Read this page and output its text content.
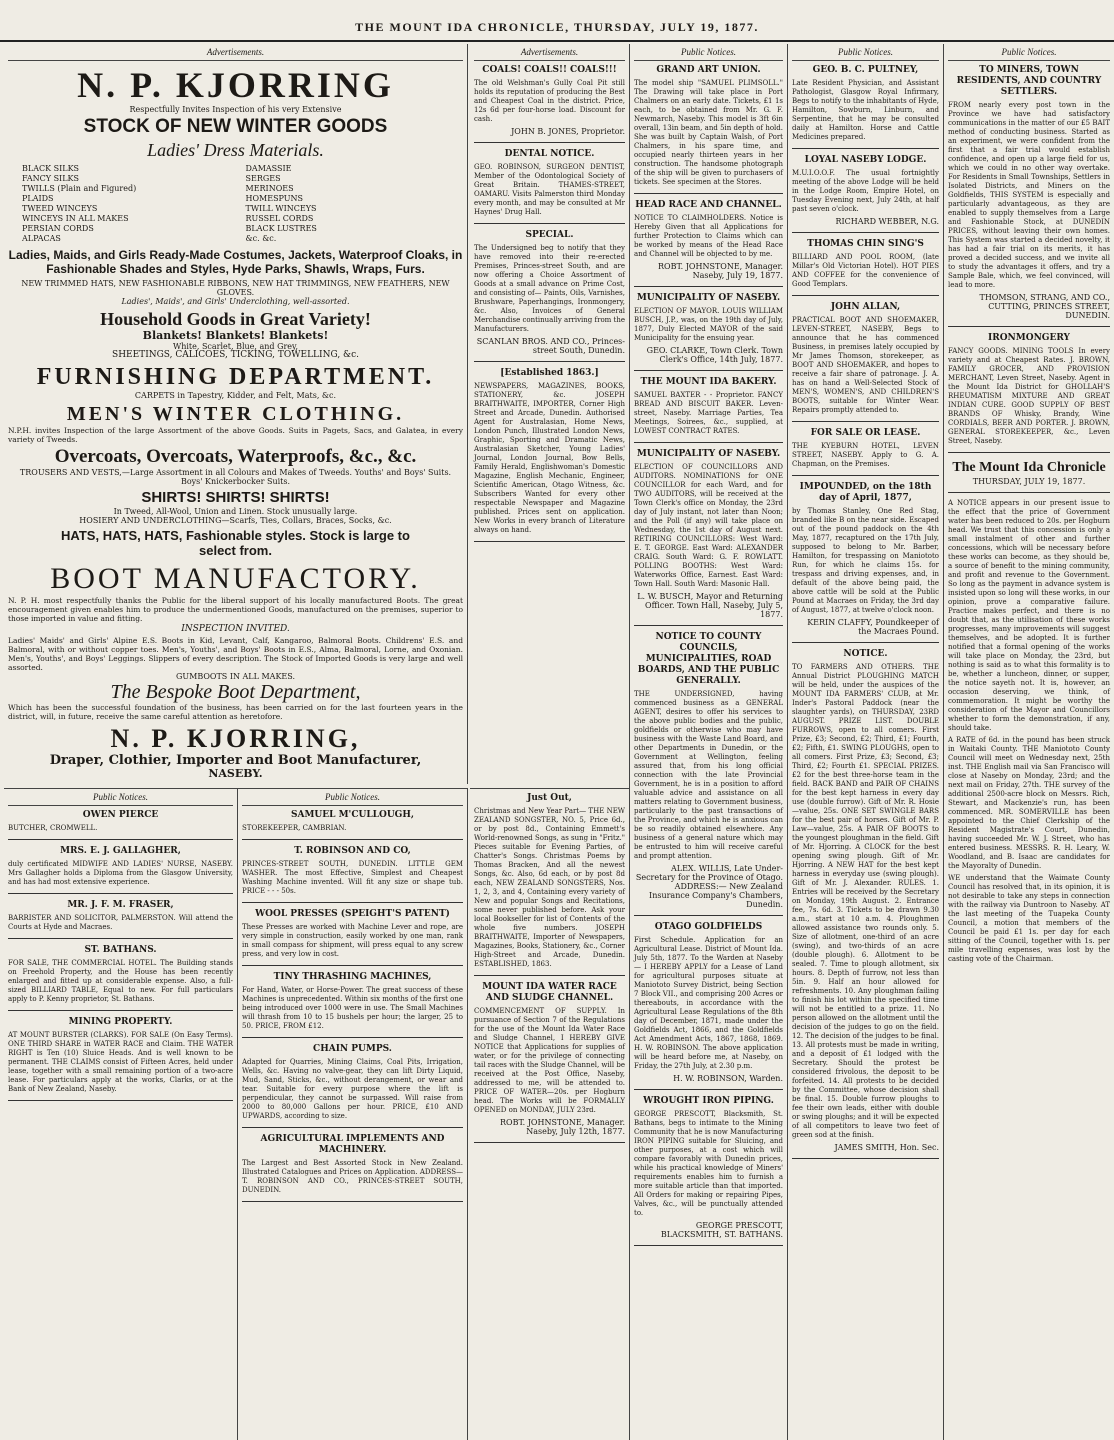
THE MOUNT IDA CHRONICLE, THURSDAY, JULY 19, 1877.
Advertisements.
N. P. KJORRING
Respectfully Invites Inspection of his very Extensive
STOCK OF NEW WINTER GOODS
Ladies' Dress Materials.
BLACK SILKS
FANCY SILKS
TWILLS (Plain and Figured)
PLAIDS
TWEED WINCEYS
WINCEYS IN ALL MAKES
PERSIAN CORDS
ALPACAS
DAMASSIE
SERGES
MERINOES
HOMESPUNS
TWILL WINCEYS
RUSSEL CORDS
BLACK LUSTRES
&c. &c.
Ladies, Maids, and Girls Ready-Made Costumes, Jackets, Waterproof Cloaks, in Fashionable Shades and Styles, Hyde Parks, Shawls, Wraps, Furs.
NEW TRIMMED HATS, NEW FASHIONABLE RIBBONS, NEW HAT TRIMMINGS, NEW FEATHERS, NEW GLOVES.
Ladies', Maids', and Girls' Underclothing, well-assorted.
Household Goods in Great Variety!
Blankets! Blankets! Blankets!
White, Scarlet, Blue, and Grey,
SHEETINGS, CALICOES, TICKING, TOWELLING, &c.
FURNISHING DEPARTMENT.
CARPETS in Tapestry, Kidder, and Felt, Mats, &c.
MEN'S WINTER CLOTHING.
N.P.H. invites Inspection of the large Assortment of the above Goods. Suits in Pagets, Sacs, and Galatea, in every variety of Tweeds.
Overcoats, Overcoats, Waterproofs, &c., &c.
TROUSERS AND VESTS,—Large Assortment in all Colours and Makes of Tweeds. Youths' and Boys' Suits. Boys' Knickerbocker Suits.
SHIRTS! SHIRTS! SHIRTS!
In Tweed, All-Wool, Union and Linen. Stock unusually large.
HOSIERY AND UNDERCLOTHING—Scarfs, Ties, Collars, Braces, Socks, &c.
HATS, HATS, HATS, Fashionable styles. Stock is large to select from.
BOOT MANUFACTORY.
N. P. H. most respectfully thanks the Public for the liberal support of his locally manufactured Boots. The great encouragement given enables him to produce the undermentioned Goods, manufactured on the premises, superior to those imported in value and fitting.
INSPECTION INVITED.
Ladies' Maids' and Girls' Alpine E.S. Boots in Kid, Levant, Calf, Kangaroo, Balmoral Boots. Childrens' E.S. and Balmoral, with or without copper toes. Men's, Youths', and Boys' Boots in E.S., Alma, Balmoral, Lorne, and Oxonian. Men's, Youths', and Boys' Leggings. Slippers of every description. The Stock of Imported Goods is very large and well assorted.
GUMBOOTS IN ALL MAKES.
The Bespoke Boot Department,
Which has been the successful foundation of the business, has been carried on for the last fourteen years in the district, will, in future, receive the same careful attention as heretofore.
N. P. KJORRING,
Draper, Clothier, Importer and Boot Manufacturer,
NASEBY.
Public Notices.
OWEN PIERCE
BUTCHER, CROMWELL.
MRS. E. J. GALLAGHER,
duly certificated MIDWIFE AND LADIES' NURSE, NASEBY. Mrs Gallagher holds a Diploma from the Glasgow University, and has had most extensive experience.
MR. J. F. M. FRASER,
BARRISTER AND SOLICITOR, PALMERSTON. Will attend the Courts at Hyde and Macraes.
ST. BATHANS.
FOR SALE, THE COMMERCIAL HOTEL. The Building stands on Freehold Property, and the House has been recently enlarged and fitted up at considerable expense. Also, a full-sized BILLIARD TABLE, Equal to new. For full particulars apply to P. Kenny proprietor, St. Bathans.
MINING PROPERTY.
AT MOUNT BURSTER (CLARKS). FOR SALE (On Easy Terms). ONE THIRD SHARE in WATER RACE and Claim. THE WATER RIGHT is Ten (10) Sluice Heads. And is well known to be permanent. THE CLAIMS consist of Fifteen Acres, held under lease, together with a small remaining portion of a two-acre lease. For particulars apply at the works, Clarks, or at the Bank of New Zealand, Naseby.
Public Notices.
SAMUEL M'CULLOUGH,
STOREKEEPER, CAMBRIAN.
T. ROBINSON AND CO,
PRINCES-STREET SOUTH, DUNEDIN. LITTLE GEM WASHER. The most Effective, Simplest and Cheapest Washing Machine invented. Will fit any size or shape tub. PRICE - - - 50s.
WOOL PRESSES (SPEIGHT'S PATENT)
These Presses are worked with Machine Lever and rope, are very simple in construction, easily worked by one man, rank in small compass for shipment, will press equal to any screw press, and very low in cost.
TINY THRASHING MACHINES,
For Hand, Water, or Horse-Power. The great success of these Machines is unprecedented. Within six months of the first one being introduced over 1000 were in use. The Small Machines will thrash from 10 to 15 bushels per hour; the larger, 25 to 50. PRICE, FROM £12.
CHAIN PUMPS.
Adapted for Quarries, Mining Claims, Coal Pits, Irrigation, Wells, &c. Having no valve-gear, they can lift Dirty Liquid, Mud, Sand, Sticks, &c., without derangement, or wear and tear. Suitable for every purpose where the lift is perpendicular, they cannot be surpassed. Will raise from 2000 to 80,000 Gallons per hour. PRICE, £10 AND UPWARDS, according to size.
AGRICULTURAL IMPLEMENTS AND MACHINERY.
The Largest and Best Assorted Stock in New Zealand. Illustrated Catalogues and Prices on Application. ADDRESS— T. ROBINSON AND CO., PRINCES-STREET SOUTH, DUNEDIN.
Advertisements.
COALS! COALS!! COALS!!!
The old Welshman's Gully Coal Pit still holds its reputation of producing the Best and Cheapest Coal in the district. Price, 12s 6d per four-horse load. Discount for cash.
JOHN B. JONES, Proprietor.
DENTAL NOTICE.
GEO. ROBINSON, SURGEON DENTIST, Member of the Odontological Society of Great Britain. THAMES-STREET, OAMARU. Visits Palmerston third Monday every month, and may be consulted at Mr Haynes' Drug Hall.
SPECIAL.
The Undersigned beg to notify that they have removed into their re-erected Premises, Princes-street South, and are now offering a Choice Assortment of Goods at a small advance on Prime Cost, and consisting of— Paints, Oils, Varnishes, Brushware, Paperhangings, Ironmongery, &c. Also, Invoices of General Merchandise continually arriving from the Manufacturers.
SCANLAN BROS. AND CO., Princes-street South, Dunedin.
[Established 1863.]
NEWSPAPERS, MAGAZINES, BOOKS, STATIONERY, &c. JOSEPH BRAITHWAITE, IMPORTER, Corner High Street and Arcade, Dunedin. Authorised Agent for Australasian, Home News, London Punch, Illustrated London News, Graphic, Sporting and Dramatic News, Australasian Sketcher, Young Ladies' Journal, London Journal, Bow Bells, Family Herald, Englishwoman's Domestic Magazine, English Mechanic, Engineer, Scientific American, Otago Witness, &c. Subscribers Wanted for every other respectable Newspaper and Magazine published. Prices sent on application. New Works in every branch of Literature always on hand.
Just Out,
Christmas and New Year Part— THE NEW ZEALAND SONGSTER, NO. 5, Price 6d., or by post 8d., Containing Emmett's World-renowned Songs, as sung in "Fritz." Pieces suitable for Evening Parties, of Chatter's Songs. Christmas Poems by Thomas Bracken, And all the newest Songs, &c. Also, 6d each, or by post 8d each, NEW ZEALAND SONGSTERS, Nos. 1, 2, 3, and 4, Containing every variety of New and popular Songs and Recitations, some never published before. Ask your local Bookseller for list of Contents of the whole five numbers. JOSEPH BRAITHWAITE, Importer of Newspapers, Magazines, Books, Stationery, &c., Corner High-Street and Arcade, Dunedin. ESTABLISHED, 1863.
MOUNT IDA WATER RACE AND SLUDGE CHANNEL.
COMMENCEMENT OF SUPPLY. In pursuance of Section 7 of the Regulations for the use of the Mount Ida Water Race and Sludge Channel, I HEREBY GIVE NOTICE that Applications for supplies of water, or for the privilege of connecting tail races with the Sludge Channel, will be received at the Post Office, Naseby, addressed to me, will be attended to. PRICE OF WATER—20s. per Hogburn head. The Works will be FORMALLY OPENED on MONDAY, JULY 23rd.
ROBT. JOHNSTONE, Manager. Naseby, July 12th, 1877.
Public Notices.
GRAND ART UNION.
The model ship "SAMUEL PLIMSOLL." The Drawing will take place in Port Chalmers on an early date. Tickets, £1 1s each, to be obtained from Mr. G. F. Newmarch, Naseby. This model is 3ft 6in overall, 13in beam, and 5in depth of hold. She was built by Captain Walsh, of Port Chalmers, in his spare time, and occupied nearly thirteen years in her construction. The handsome photograph of the ship will be given to purchasers of tickets. See specimen at the Stores.
HEAD RACE AND CHANNEL.
NOTICE TO CLAIMHOLDERS. Notice is Hereby Given that all Applications for further Protection to Claims which can be worked by means of the Head Race and Channel will be objected to by me.
ROBT. JOHNSTONE, Manager. Naseby, July 19, 1877.
MUNICIPALITY OF NASEBY.
ELECTION OF MAYOR. LOUIS WILLIAM BUSCH, J.P., was, on the 19th day of July, 1877, Duly Elected MAYOR of the said Municipality for the ensuing year.
GEO. CLARKE, Town Clerk. Town Clerk's Office, 14th July, 1877.
THE MOUNT IDA BAKERY.
SAMUEL BAXTER - - Proprietor. FANCY BREAD AND BISCUIT BAKER. Leven-street, Naseby. Marriage Parties, Tea Meetings, Soirees, &c., supplied, at LOWEST CONTRACT RATES.
MUNICIPALITY OF NASEBY.
ELECTION OF COUNCILLORS AND AUDITORS. NOMINATIONS for ONE COUNCILLOR for each Ward, and for TWO AUDITORS, will be received at the Town Clerk's office on Monday, the 23rd day of July instant, not later than Noon; and the Poll (if any) will take place on Wednesday, the 1st day of August next. RETIRING COUNCILLORS: West Ward: E. T. GEORGE. East Ward: ALEXANDER CRAIG. South Ward: G. F. ROWLATT. POLLING BOOTHS: West Ward: Waterworks Office, Earnest. East Ward: Town Hall. South Ward: Masonic Hall.
L. W. BUSCH, Mayor and Returning Officer. Town Hall, Naseby, July 5, 1877.
NOTICE TO COUNTY COUNCILS, MUNICIPALITIES, ROAD BOARDS, AND THE PUBLIC GENERALLY.
THE UNDERSIGNED, having commenced business as a GENERAL AGENT, desires to offer his services to the above public bodies and the public, goldfields or otherwise who may have business with the Waste Land Board, and other Departments in Dunedin, or the Government at Wellington, feeling assured that, from his long official connection with the late Provincial Government, he is in a position to afford valuable advice and assistance on all matters relating to Government business, particularly to the past transactions of the Province, and which he is anxious can be so readily obtained elsewhere. Any business of a general nature which may be entrusted to him will receive careful and prompt attention.
ALEX. WILLIS, Late Under-Secretary for the Province of Otago. ADDRESS:— New Zealand Insurance Company's Chambers, Dunedin.
OTAGO GOLDFIELDS
First Schedule. Application for an Agricultural Lease. District of Mount Ida. July 5th, 1877. To the Warden at Naseby— I HEREBY APPLY for a Lease of Land for agricultural purposes situate at Maniototo Survey District, being Section 7 Block VII., and comprising 200 Acres or thereabouts, in accordance with the Agricultural Lease Regulations of the 8th day of December, 1871, made under the Goldfields Act, 1866, and the Goldfields Act Amendment Acts, 1867, 1868, 1869. H. W. ROBINSON. The above application will be heard before me, at Naseby, on Friday, the 27th July, at 2.30 p.m.
H. W. ROBINSON, Warden.
WROUGHT IRON PIPING.
GEORGE PRESCOTT, Blacksmith, St. Bathans, begs to intimate to the Mining Community that he is now Manufacturing IRON PIPING suitable for Sluicing, and other purposes, at a cost which will compare favorably with Dunedin prices, while his practical knowledge of Miners' requirements enables him to furnish a more suitable article than that imported. All Orders for making or repairing Pipes, Valves, &c., will be punctually attended to.
GEORGE PRESCOTT, BLACKSMITH, ST. BATHANS.
Public Notices.
GEO. B. C. PULTNEY,
Late Resident Physician, and Assistant Pathologist, Glasgow Royal Infirmary, Begs to notify to the inhabitants of Hyde, Hamilton, Sowburn, Linburn, and Serpentine, that he may be consulted daily at Hamilton. Horse and Cattle Medicines prepared.
LOYAL NASEBY LODGE.
M.U.I.O.O.F. The usual fortnightly meeting of the above Lodge will be held in the Lodge Room, Empire Hotel, on Tuesday Evening next, July 24th, at half past seven o'clock.
RICHARD WEBBER, N.G.
THOMAS CHIN SING'S
BILLIARD AND POOL ROOM, (late Millar's Old Victorian Hotel). HOT PIES AND COFFEE for the convenience of Good Templars.
JOHN ALLAN,
PRACTICAL BOOT AND SHOEMAKER, LEVEN-STREET, NASEBY, Begs to announce that he has commenced Business, in premises lately occupied by Mr James Thomson, storekeeper, as BOOT AND SHOEMAKER, and hopes to receive a fair share of patronage. J. A. has on hand a Well-Selected Stock of MEN'S, WOMEN'S, AND CHILDREN'S BOOTS, suitable for Winter Wear. Repairs promptly attended to.
FOR SALE OR LEASE.
THE KYEBURN HOTEL, LEVEN STREET, NASEBY. Apply to G. A. Chapman, on the Premises.
IMPOUNDED, on the 18th day of April, 1877,
by Thomas Stanley, One Red Stag, branded like B on the near side. Escaped out of the pound paddock on the 4th May, 1877, recaptured on the 17th July, supposed to belong to Mr. Barber, Hamilton, for trespassing on Maniototo Run, for which he claims 15s. for trespass and driving expenses, and, in default of the above being paid, the above cattle will be sold at the Public Pound at Macraes on Friday, the 3rd day of August, 1877, at twelve o'clock noon.
KERIN CLAFFY, Poundkeeper of the Macraes Pound.
NOTICE.
TO FARMERS AND OTHERS. THE Annual District PLOUGHING MATCH will be held, under the auspices of the MOUNT IDA FARMERS' CLUB, at Mr. Inder's Pastoral Paddock (near the slaughter yards), on THURSDAY, 23RD AUGUST. PRIZE LIST. DOUBLE FURROWS, open to all comers. First Prize, £3; Second, £2; Third, £1; Fourth, £2; Fifth, £1. SWING PLOUGHS, open to all comers. First Prize, £3; Second, £3; Third, £2; Fourth £1. SPECIAL PRIZES. £2 for the best three-horse team in the field. BACK BAND and PAIR OF CHAINS for the best kept harness in every day use (double furrow). Gift of Mr. R. Hosie—value, 25s. ONE SET SWINGLE BARS for the best pair of horses. Gift of Mr. P. Law—value, 25s. A PAIR OF BOOTS to the youngest ploughman in the field. Gift of Mr. Hjorring. A CLOCK for the best opening swing plough. Gift of Mr. Hjorring. A NEW HAT for the best kept harness in everyday use (swing plough). Gift of Mr. J. Alexander. RULES. 1. Entries will be received by the Secretary on Monday, 19th August. 2. Entrance fee, 7s. 6d. 3. Tickets to be drawn 9.30 a.m., start at 10 a.m. 4. Ploughmen allowed assistance two rounds only. 5. Size of allotment, one-third of an acre (swing), and two-thirds of an acre (double plough). 6. Allotment to be sealed. 7. Time to plough allotment, six hours. 8. Depth of furrow, not less than 5in. 9. Half an hour allowed for refreshments. 10. Any ploughman failing to finish his lot within the specified time will not be entitled to a prize. 11. No person allowed on the allotment until the decision of the judges to go on the field. 12. The decision of the judges to be final. 13. All protests must be made in writing, and a deposit of £1 lodged with the Secretary. Should the protest be considered frivolous, the deposit to be forfeited. 14. All protests to be decided by the Committee, whose decision shall be final. 15. Double furrow ploughs to fee their own leads, either with double or swing ploughs; and it will be expected of all competitors to leave two feet of green sod at the finish.
JAMES SMITH, Hon. Sec.
Public Notices.
TO MINERS, TOWN RESIDENTS, AND COUNTRY SETTLERS.
FROM nearly every post town in the Province we have had satisfactory communications in the matter of our £5 BAIT method of conducting business. Started as an experiment, we were confident from the first that a fair trial would establish confidence, and open up a large field for us, which we could in no other way overtake. For Residents in Small Townships, Settlers in Isolated Districts, and Miners on the Goldfields, THIS SYSTEM is especially and particularly advantageous, as they are enabled to supply themselves from a Large and Fashionable Stock, at DUNEDIN PRICES, without leaving their own homes. This System was started a decided novelty, it has had a fair trial on its merits, it has proved a decided success, and we invite all to study the advantages it offers, and try a Sample Bale, which, we feel convinced, will lead to more.
THOMSON, STRANG, AND CO., CUTTING, PRINCES STREET, DUNEDIN.
IRONMONGERY
FANCY GOODS. MINING TOOLS In every variety and at Cheapest Rates. J. BROWN, FAMILY GROCER, AND PROVISION MERCHANT, Leven Street, Naseby. Agent in the Mount Ida District for GHOLLAH'S RHEUMATISM MIXTURE AND GREAT INDIAN CURE. GOOD SUPPLY OF BEST BRANDS OF Whisky, Brandy, Wine CORDIALS, BEER AND PORTER. J. BROWN, GENERAL STOREKEEPER, &c., Leven Street, Naseby.
The Mount Ida Chronicle
THURSDAY, JULY 19, 1877.
A NOTICE appears in our present issue to the effect that the price of Government water has been reduced to 20s. per Hogburn head. We trust that this concession is only a small instalment of other and further concessions, which will be necessary before these works can become, as they should be, a source of benefit to the mining community, and profit and revenue to the Government. So long as the payment in advance system is insisted upon so long will these works, in our opinion, prove a comparative failure. Practice makes perfect, and there is no doubt that, as the utilisation of these works progresses, many improvements will suggest themselves, and be adopted. It is further notified that a formal opening of the works will take place on Monday, the 23rd, but nothing is said as to what this formality is to be, whether a luncheon, dinner, or supper, the notice sayeth not. It is, however, an occasion deserving, we think, of commemoration. It might be worthy the consideration of the Mayor and Councillors whether to form the demonstration, if any, should take.
A RATE of 6d. in the pound has been struck in Waitaki County. THE Maniototo County Council will meet on Wednesday next, 25th inst. THE English mail via San Francisco will close at Naseby on Monday, 23rd; and the next mail on Friday, 27th. THE survey of the additional 2500-acre block on Messrs. Rich, Stewart, and Mackenzie's run, has been commenced. MR. SOMERVILLE has been appointed to the Chief Clerkship of the Resident Magistrate's Court, Dunedin, having succeeded Mr. W. J. Street, who has entered business. MESSRS. R. H. Leary, W. Woodland, and B. Isaac are candidates for the Mayoralty of Dunedin.
WE understand that the Waimate County Council has resolved that, in its opinion, it is not desirable to take any steps in connection with the railway via Duntroon to Naseby. AT the last meeting of the Tuapeka County Council, a motion that members of the Council be paid £1 1s. per day for each sitting of the Council, together with 1s. per mile travelling expenses, was lost by the casting vote of the Chairman.
